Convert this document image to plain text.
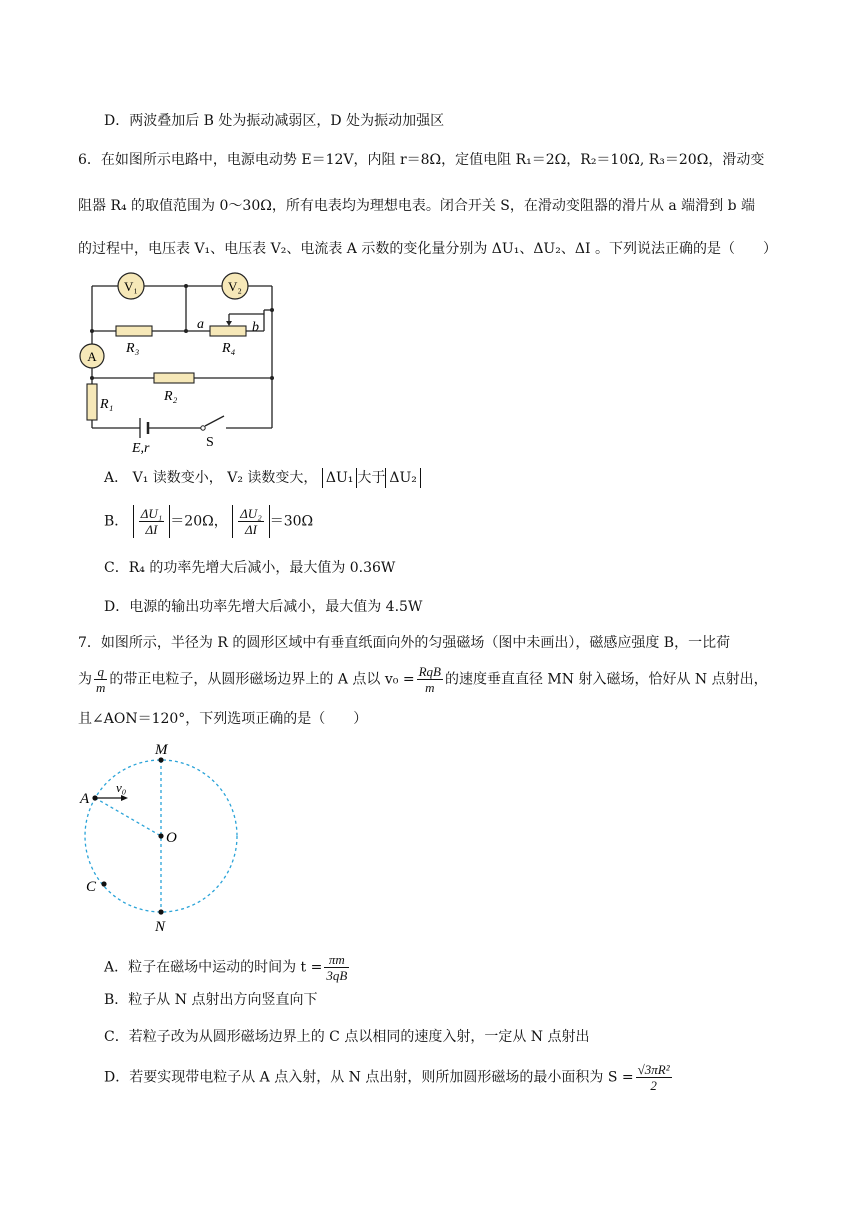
D．两波叠加后 B 处为振动减弱区，D 处为振动加强区
6．在如图所示电路中，电源电动势 E＝12V，内阻 r＝8Ω，定值电阻 R₁＝2Ω，R₂＝10Ω, R₃＝20Ω，滑动变
阻器 R₄ 的取值范围为 0～30Ω，所有电表均为理想电表。闭合开关 S，在滑动变阻器的滑片从 a 端滑到 b 端
的过程中，电压表 V₁、电压表 V₂、电流表 A 示数的变化量分别为 ΔU₁、ΔU₂、ΔI 。下列说法正确的是（　　）
V₁	V₂
A
R₃	R₄
R₂
R₁
a	b
E,r	S
A． V₁ 读数变小， V₂ 读数变大， ΔU₁ 大于 ΔU₂
B． $\frac{\text{ΔU₁}}{\Delta I} =20\Omega$， $\frac{\text{ΔU₂}}{\Delta I} =30\Omega$
C．R₄ 的功率先增大后减小，最大值为 0.36W
D．电源的输出功率先增大后减小，最大值为 4.5W
7．如图所示，半径为 R 的圆形区域中有垂直纸面向外的匀强磁场（图中未画出），磁感应强度 B，一比荷
为 $\frac{q}{m}$ 的带正电粒子，从圆形磁场边界上的 A 点以 $v_0 = \frac{\text{RqB}}{m}$ 的速度垂直直径 MN 射入磁场，恰好从 N 点射出，
且∠AON＝120°，下列选项正确的是（　　）
M
A
v₀
O
C
N
A．粒子在磁场中运动的时间为 $t = \frac{\pi m}{3qB}$
B．粒子从 N 点射出方向竖直向下
C．若粒子改为从圆形磁场边界上的 C 点以相同的速度入射，一定从 N 点射出
D．若要实现带电粒子从 A 点入射，从 N 点出射，则所加圆形磁场的最小面积为 $S = \frac{\text{√3πR²}}{2}$
